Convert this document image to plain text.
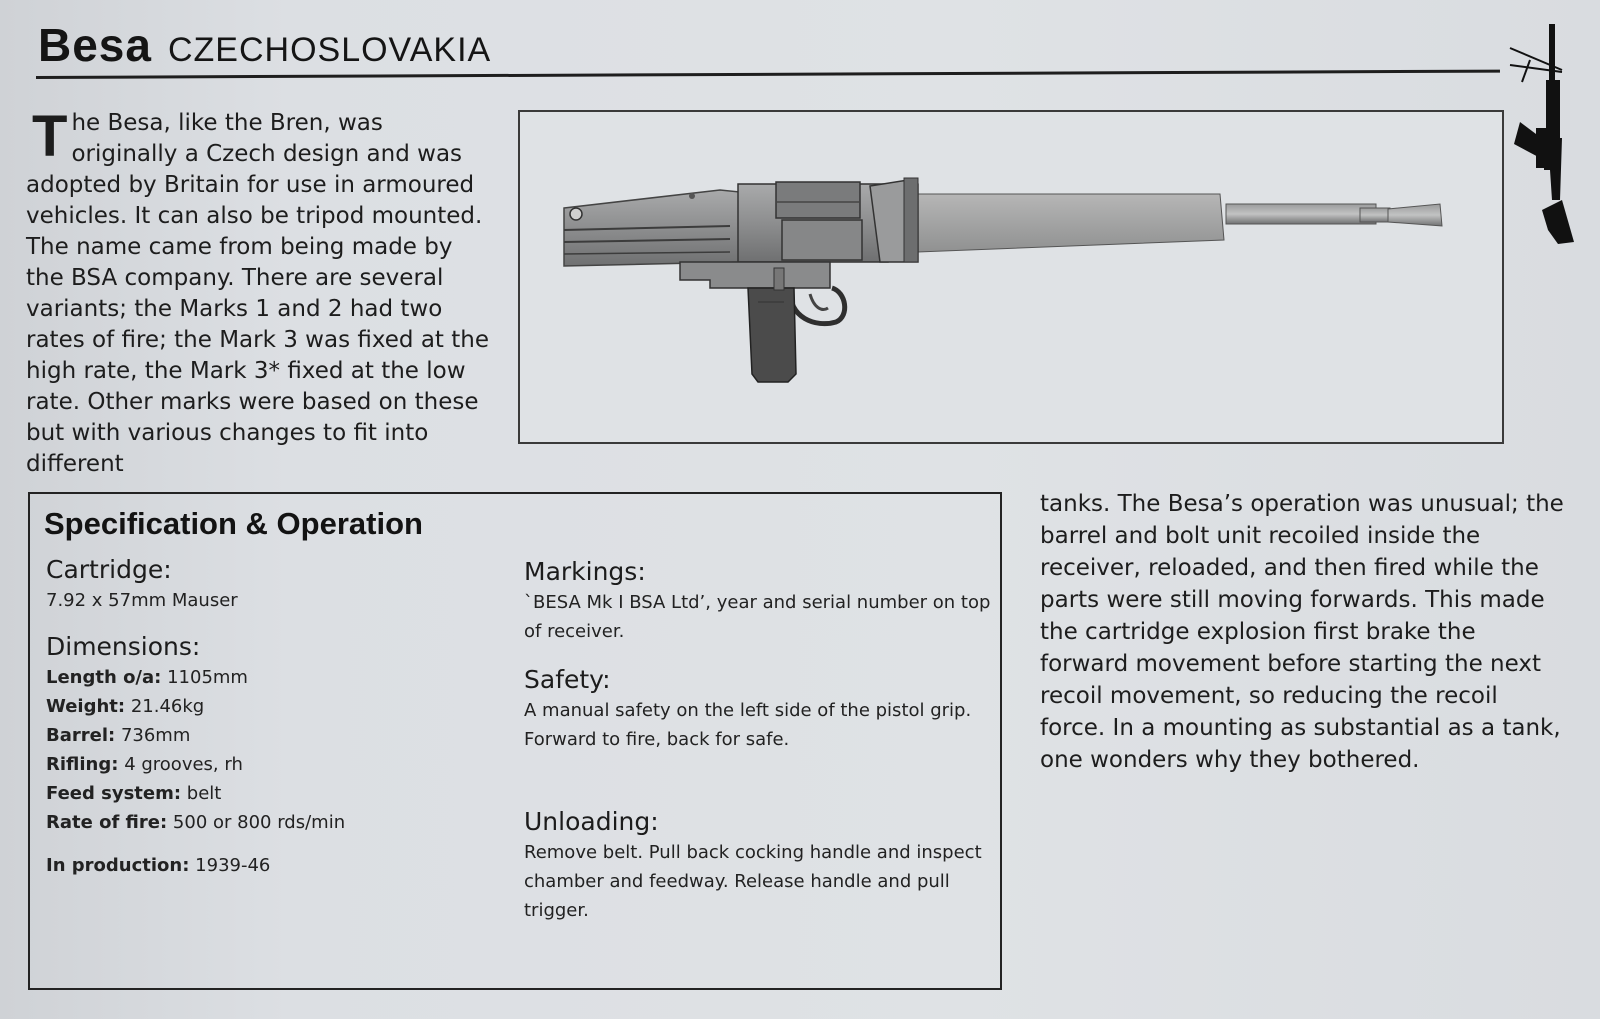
Besa CZECHOSLOVAKIA
The Besa, like the Bren, was originally a Czech design and was adopted by Britain for use in armoured vehicles. It can also be tripod mounted. The name came from being made by the BSA company. There are several variants; the Marks 1 and 2 had two rates of fire; the Mark 3 was fixed at the high rate, the Mark 3* fixed at the low rate. Other marks were based on these but with various changes to fit into different
Specification & Operation

Cartridge:

7.92 x 57mm Mauser

Dimensions:

Length o/a: 1105mm

Weight: 21.46kg

Barrel: 736mm

Rifling: 4 grooves, rh

Feed system: belt

Rate of fire: 500 or 800 rds/min

In production: 1939-46

Markings:

`BESA Mk I BSA Ltd’, year and serial number on top of receiver.

Safety:

A manual safety on the left side of the pistol grip. Forward to fire, back for safe.

Unloading:

Remove belt. Pull back cocking handle and inspect chamber and feedway. Release handle and pull trigger.

tanks. The Besa’s operation was unusual; the barrel and bolt unit recoiled inside the receiver, reloaded, and then fired while the parts were still moving forwards. This made the cartridge explosion first brake the forward movement before starting the next recoil movement, so reducing the recoil force. In a mounting as substantial as a tank, one wonders why they bothered.
